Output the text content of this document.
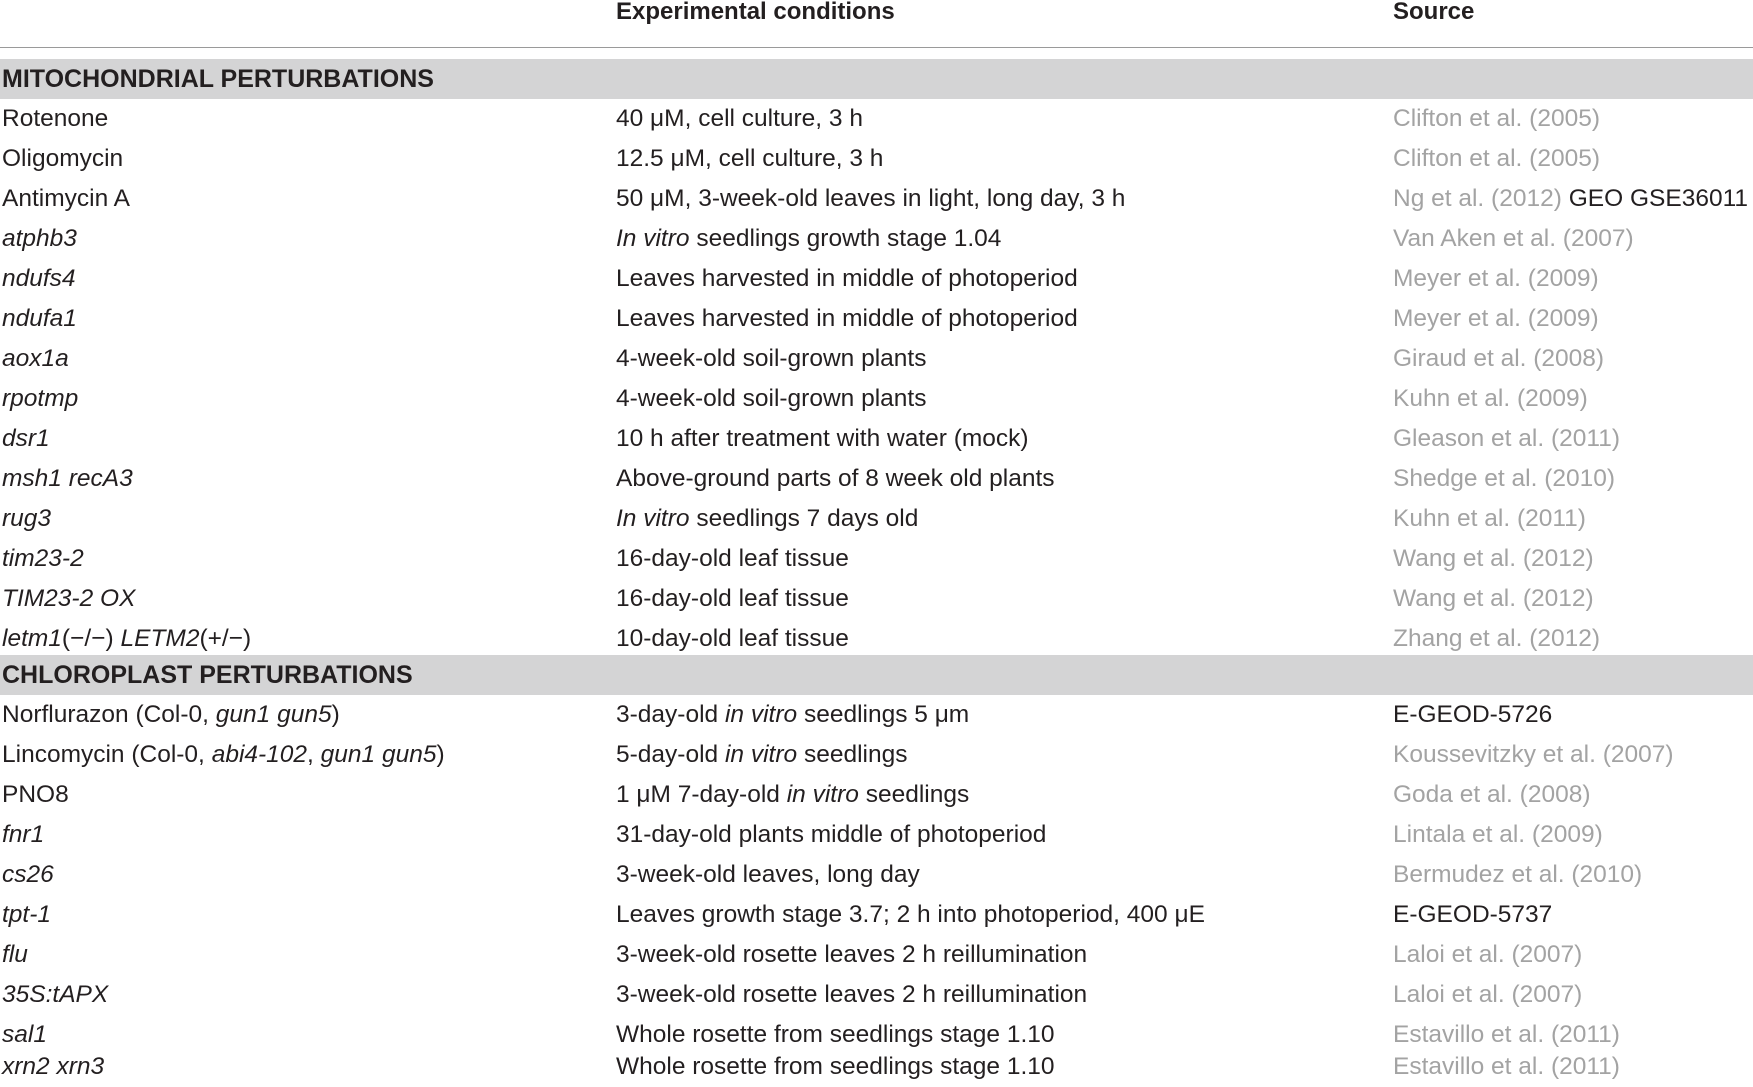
Experimental conditions	Source
MITOCHONDRIAL PERTURBATIONS
Rotenone	40 μM, cell culture, 3 h	Clifton et al. (2005)
Oligomycin	12.5 μM, cell culture, 3 h	Clifton et al. (2005)
Antimycin A	50 μM, 3-week-old leaves in light, long day, 3 h	Ng et al. (2012) GEO GSE36011
atphb3	In vitro seedlings growth stage 1.04	Van Aken et al. (2007)
ndufs4	Leaves harvested in middle of photoperiod	Meyer et al. (2009)
ndufa1	Leaves harvested in middle of photoperiod	Meyer et al. (2009)
aox1a	4-week-old soil-grown plants	Giraud et al. (2008)
rpotmp	4-week-old soil-grown plants	Kuhn et al. (2009)
dsr1	10 h after treatment with water (mock)	Gleason et al. (2011)
msh1 recA3	Above-ground parts of 8 week old plants	Shedge et al. (2010)
rug3	In vitro seedlings 7 days old	Kuhn et al. (2011)
tim23-2	16-day-old leaf tissue	Wang et al. (2012)
TIM23-2 OX	16-day-old leaf tissue	Wang et al. (2012)
letm1(−/−) LETM2(+/−)	10-day-old leaf tissue	Zhang et al. (2012)
CHLOROPLAST PERTURBATIONS
Norflurazon (Col-0, gun1 gun5)	3-day-old in vitro seedlings 5 μm	E-GEOD-5726
Lincomycin (Col-0, abi4-102, gun1 gun5)	5-day-old in vitro seedlings	Koussevitzky et al. (2007)
PNO8	1 μM 7-day-old in vitro seedlings	Goda et al. (2008)
fnr1	31-day-old plants middle of photoperiod	Lintala et al. (2009)
cs26	3-week-old leaves, long day	Bermudez et al. (2010)
tpt-1	Leaves growth stage 3.7; 2 h into photoperiod, 400 μE	E-GEOD-5737
flu	3-week-old rosette leaves 2 h reillumination	Laloi et al. (2007)
35S:tAPX	3-week-old rosette leaves 2 h reillumination	Laloi et al. (2007)
sal1	Whole rosette from seedlings stage 1.10	Estavillo et al. (2011)
xrn2 xrn3	Whole rosette from seedlings stage 1.10	Estavillo et al. (2011)
